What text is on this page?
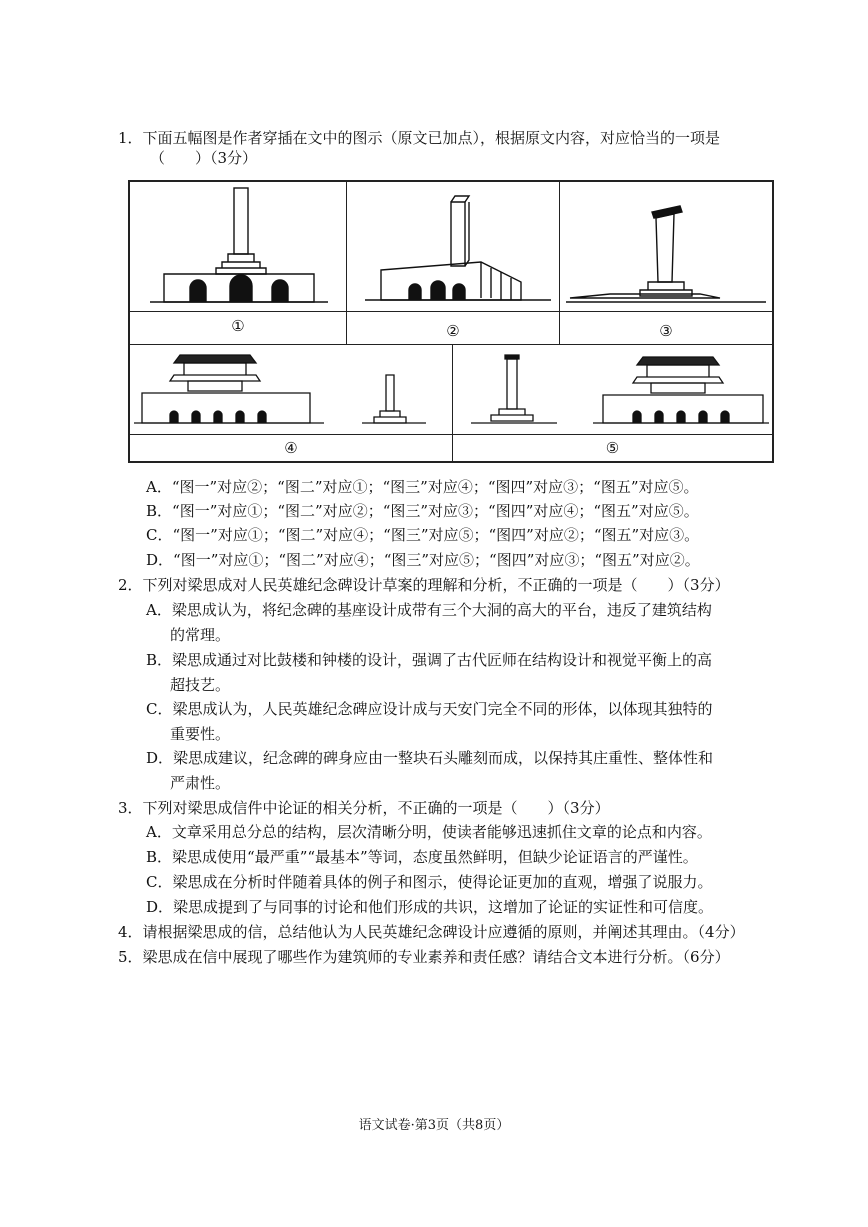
1．下面五幅图是作者穿插在文中的图示（原文已加点），根据原文内容，对应恰当的一项是
（　　）（3分）
①	②	③
④	⑤
A．“图一”对应②；“图二”对应①；“图三”对应④；“图四”对应③；“图五”对应⑤。
B．“图一”对应①；“图二”对应②；“图三”对应③；“图四”对应④；“图五”对应⑤。
C．“图一”对应①；“图二”对应④；“图三”对应⑤；“图四”对应②；“图五”对应③。
D．“图一”对应①；“图二”对应④；“图三”对应⑤；“图四”对应③；“图五”对应②。
2．下列对梁思成对人民英雄纪念碑设计草案的理解和分析，不正确的一项是（　　）（3分）
A．梁思成认为，将纪念碑的基座设计成带有三个大洞的高大的平台，违反了建筑结构
的常理。
B．梁思成通过对比鼓楼和钟楼的设计，强调了古代匠师在结构设计和视觉平衡上的高
超技艺。
C．梁思成认为，人民英雄纪念碑应设计成与天安门完全不同的形体，以体现其独特的
重要性。
D．梁思成建议，纪念碑的碑身应由一整块石头雕刻而成，以保持其庄重性、整体性和
严肃性。
3．下列对梁思成信件中论证的相关分析，不正确的一项是（　　）（3分）
A．文章采用总分总的结构，层次清晰分明，使读者能够迅速抓住文章的论点和内容。
B．梁思成使用“最严重”“最基本”等词，态度虽然鲜明，但缺少论证语言的严谨性。
C．梁思成在分析时伴随着具体的例子和图示，使得论证更加的直观，增强了说服力。
D．梁思成提到了与同事的讨论和他们形成的共识，这增加了论证的实证性和可信度。
4．请根据梁思成的信，总结他认为人民英雄纪念碑设计应遵循的原则，并阐述其理由。（4分）
5．梁思成在信中展现了哪些作为建筑师的专业素养和责任感？请结合文本进行分析。（6分）
语文试卷·第3页（共8页）
